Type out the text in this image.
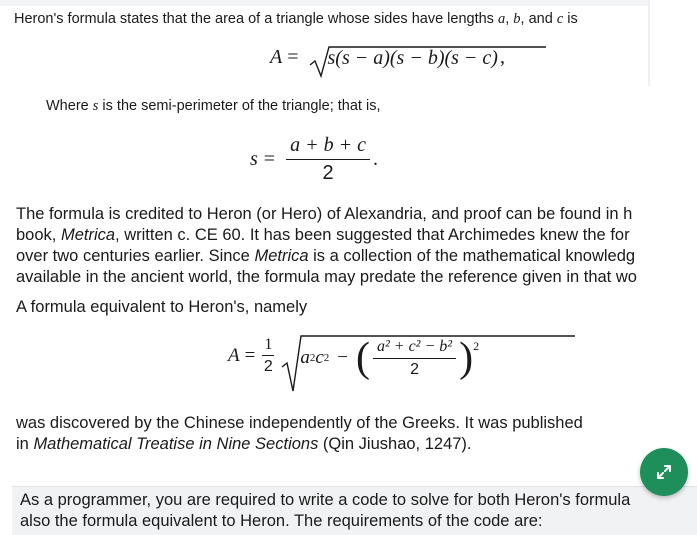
Heron's formula states that the area of a triangle whose sides have lengths a, b, and c is
A =	s(s − a)(s − b)(s − c) ,
Where s is the semi-perimeter of the triangle; that is,
$s = \frac{a + b + c}{2}$ .
The formula is credited to Heron (or Hero) of Alexandria, and proof can be found in h
book, Metrica, written c. CE 60. It has been suggested that Archimedes knew the for
over two centuries earlier. Since Metrica is a collection of the mathematical knowledg
available in the ancient world, the formula may predate the reference given in that wo
A formula equivalent to Heron's, namely
$A = \frac{1}{2}$ a 2 c 2 − ( $\frac{\text{a² + c² − b²}}{2} )^2$
was discovered by the Chinese independently of the Greeks. It was published
in Mathematical Treatise in Nine Sections (Qin Jiushao, 1247).
As a programmer, you are required to write a code to solve for both Heron's formula
also the formula equivalent to Heron. The requirements of the code are:
